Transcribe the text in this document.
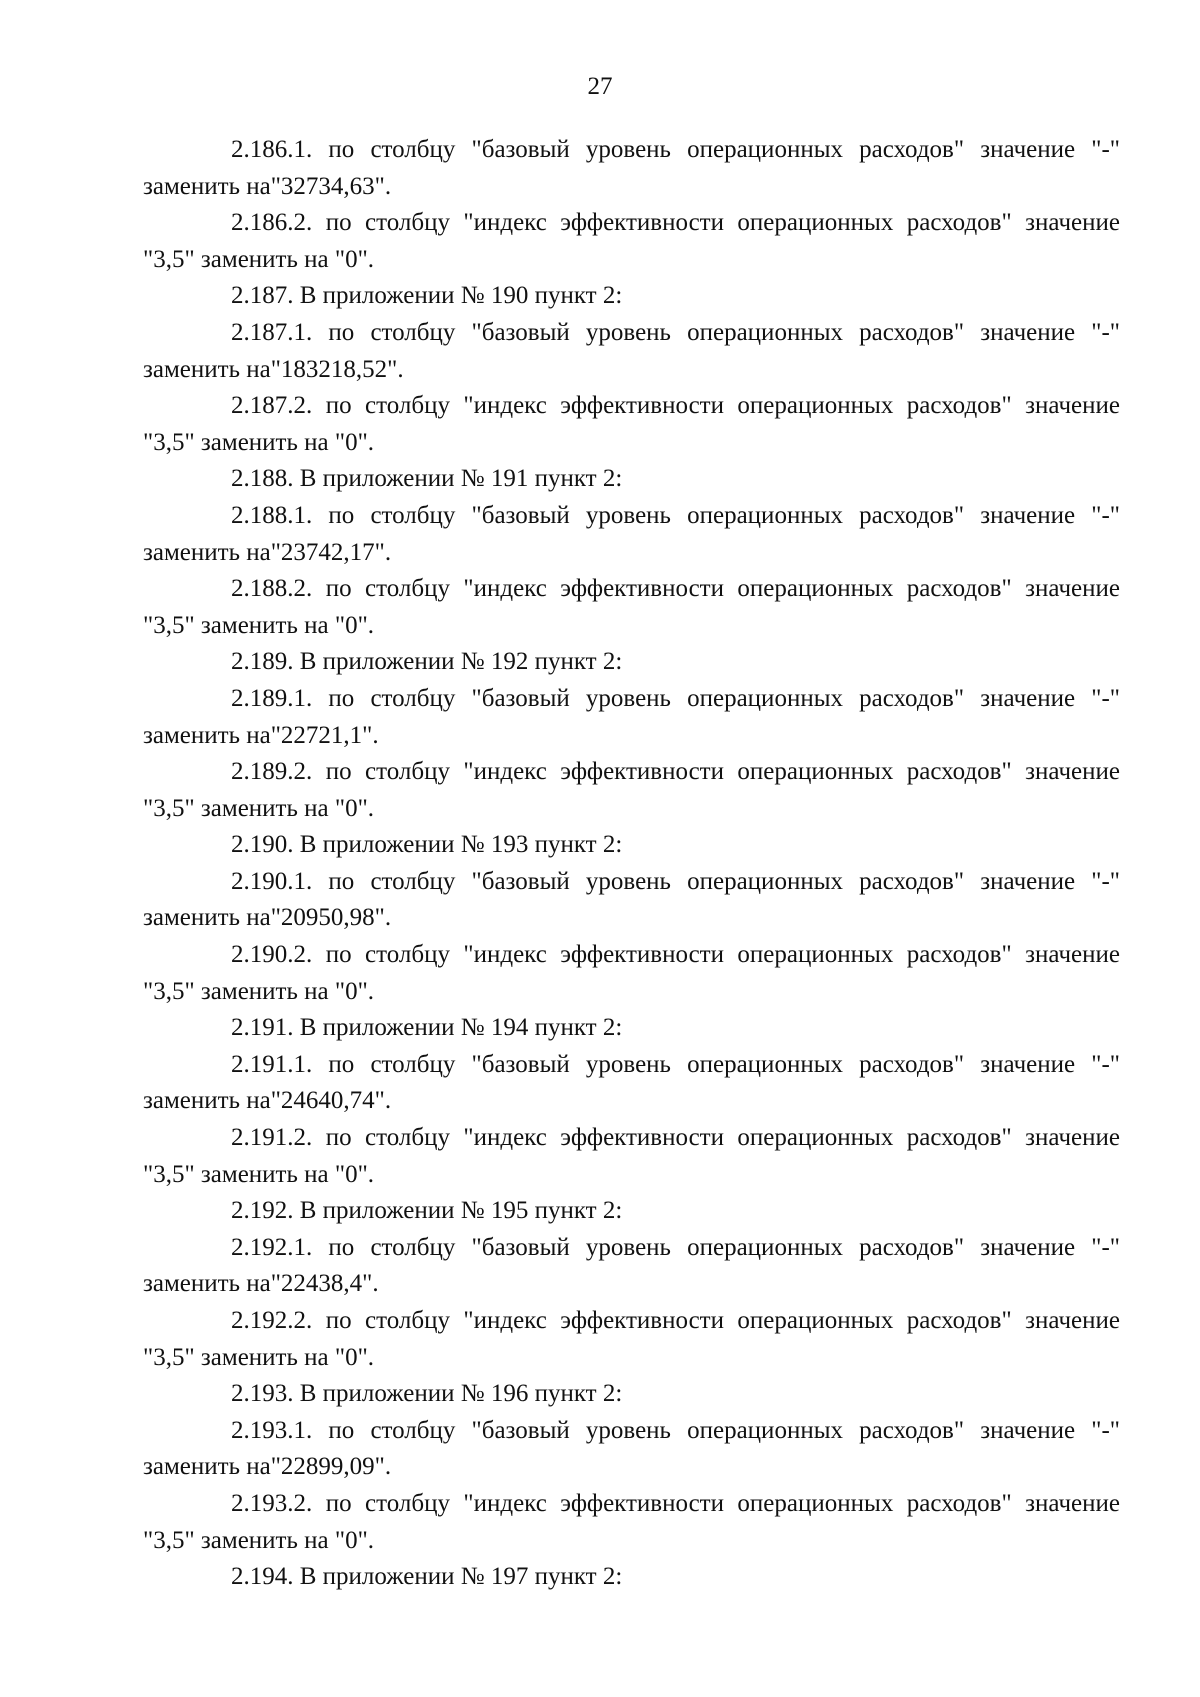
27

2.186.1. по столбцу "базовый уровень операционных расходов" значение "-" заменить на"32734,63".

2.186.2. по столбцу "индекс эффективности операционных расходов" значение "3,5" заменить на "0".

2.187. В приложении № 190 пункт 2:

2.187.1. по столбцу "базовый уровень операционных расходов" значение "-" заменить на"183218,52".

2.187.2. по столбцу "индекс эффективности операционных расходов" значение "3,5" заменить на "0".

2.188. В приложении № 191 пункт 2:

2.188.1. по столбцу "базовый уровень операционных расходов" значение "-" заменить на"23742,17".

2.188.2. по столбцу "индекс эффективности операционных расходов" значение "3,5" заменить на "0".

2.189. В приложении № 192 пункт 2:

2.189.1. по столбцу "базовый уровень операционных расходов" значение "-" заменить на"22721,1".

2.189.2. по столбцу "индекс эффективности операционных расходов" значение "3,5" заменить на "0".

2.190. В приложении № 193 пункт 2:

2.190.1. по столбцу "базовый уровень операционных расходов" значение "-" заменить на"20950,98".

2.190.2. по столбцу "индекс эффективности операционных расходов" значение "3,5" заменить на "0".

2.191. В приложении № 194 пункт 2:

2.191.1. по столбцу "базовый уровень операционных расходов" значение "-" заменить на"24640,74".

2.191.2. по столбцу "индекс эффективности операционных расходов" значение "3,5" заменить на "0".

2.192. В приложении № 195 пункт 2:

2.192.1. по столбцу "базовый уровень операционных расходов" значение "-" заменить на"22438,4".

2.192.2. по столбцу "индекс эффективности операционных расходов" значение "3,5" заменить на "0".

2.193. В приложении № 196 пункт 2:

2.193.1. по столбцу "базовый уровень операционных расходов" значение "-" заменить на"22899,09".

2.193.2. по столбцу "индекс эффективности операционных расходов" значение "3,5" заменить на "0".

2.194. В приложении № 197 пункт 2:
